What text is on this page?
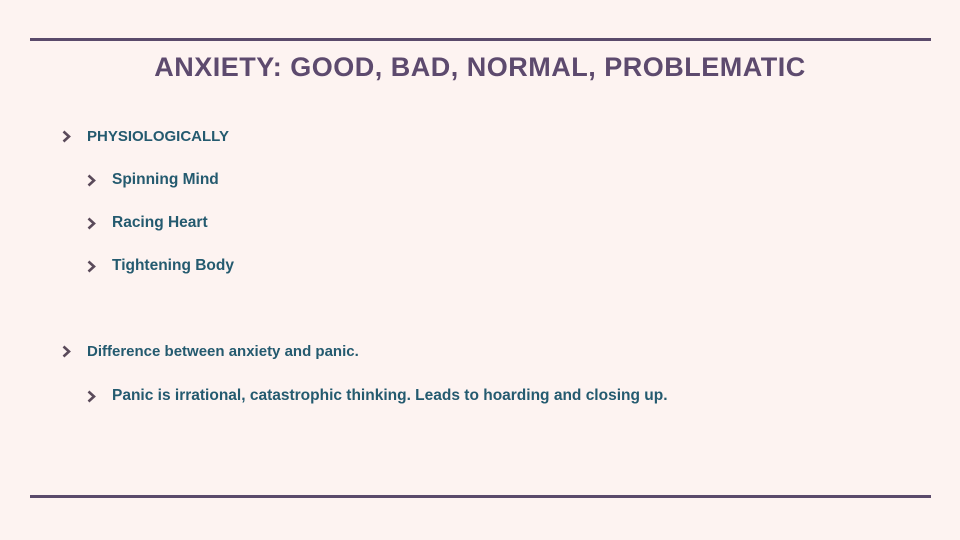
ANXIETY: GOOD, BAD, NORMAL, PROBLEMATIC
PHYSIOLOGICALLY
Spinning Mind
Racing Heart
Tightening Body
Difference between anxiety and panic.
Panic is irrational, catastrophic thinking. Leads to hoarding and closing up.
